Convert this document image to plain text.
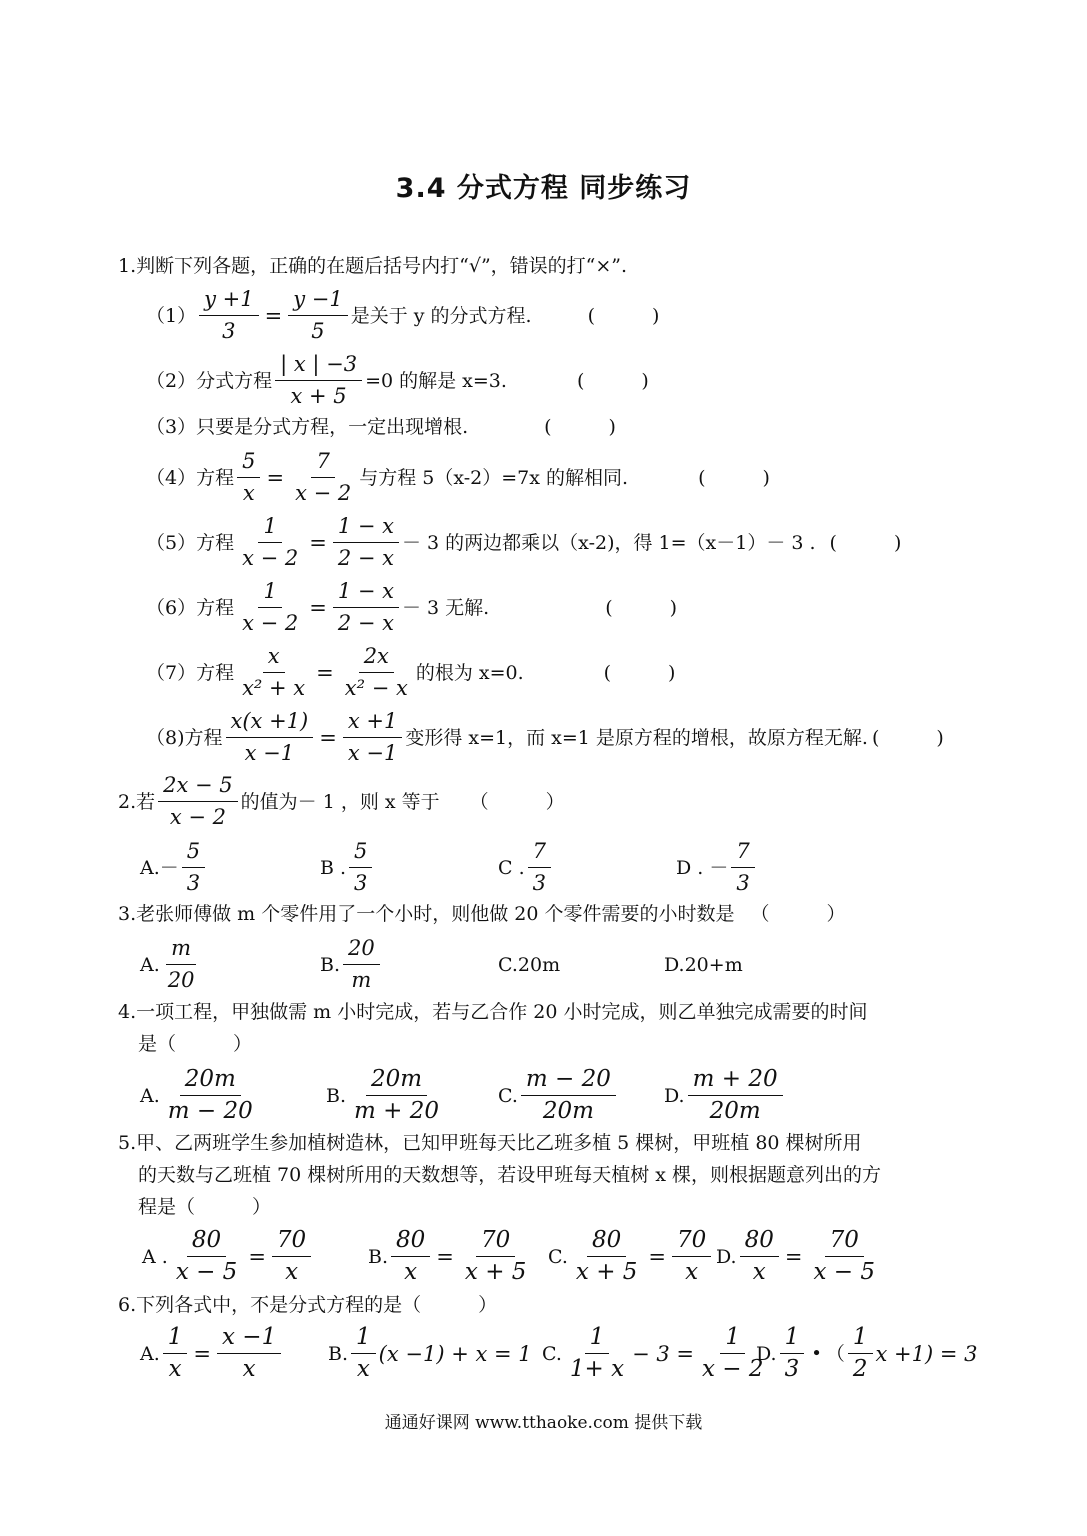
3.4 分式方程 同步练习
1.判断下列各题，正确的在题后括号内打“√”，错误的打“×”.
$(1) \frac{y +1}{3} = \frac{y -1}{5}$ 是关于 y 的分式方程.	(　　　)
（2）分式方程 $\frac{| x | -3}{x + 5} =0$ 的解是 x=3.	(　　　)
（3）只要是分式方程，一定出现增根.	(　　　)
（4）方程 $\frac{5}{x} = \frac{7}{x - 2}$ 与方程 5（x-2）=7x 的解相同.	(　　　)
（5）方程 $\frac{1}{x - 2} = \frac{1 - x}{2 - x} - 3$ 的两边都乘以（x-2)，得 1=（x－1）－ 3 . (　　　)
（6）方程 $\frac{1}{x - 2} = \frac{1 - x}{2 - x} - 3$ 无解.	(　　　)
（7）方程 $\frac{x}{\text{x² + x}} = \frac{2x}{\text{x² − x}}$ 的根为 x=0.	(　　　)
（8)方程 $\frac{x(x +1)}{x -1} = \frac{x +1}{x -1}$ 变形得 x=1，而 x=1 是原方程的增根，故原方程无解. (　　　)
2.若 $\frac{2x - 5}{x - 2}$ 的值为－ 1 ，则 x 等于 （　　　）
$A.- \frac{5}{3}$	B . $\frac{5}{3}$	C . $\frac{7}{3}$	D . － $\frac{7}{3}$
3.老张师傅做 m 个零件用了一个小时，则他做 20 个零件需要的小时数是 （　　　）
A. $\frac{m}{20}$	B. $\frac{20}{m}$	C.20m	D.20+m
4.一项工程，甲独做需 m 小时完成，若与乙合作 20 小时完成，则乙单独完成需要的时间
是（　　　）
A. $\frac{20m}{m - 20}$	B. $\frac{20m}{m + 20}$	C. $\frac{m - 20}{20m}$	D. $\frac{m + 20}{20m}$
5.甲、乙两班学生参加植树造林，已知甲班每天比乙班多植 5 棵树，甲班植 80 棵树所用
的天数与乙班植 70 棵树所用的天数想等，若设甲班每天植树 x 棵，则根据题意列出的方
程是（　　　）
A . $\frac{80}{x - 5} = \frac{70}{x}$	B. $\frac{80}{x} = \frac{70}{x + 5} C$. $\frac{80}{x + 5} = \frac{70}{x} D$. $\frac{80}{x} = \frac{70}{x - 5}$
6.下列各式中，不是分式方程的是（　　　）
A. $\frac{1}{x} = \frac{x -1}{x} B$. $\frac{1}{x} (x -1) + x = 1$ C. $\frac{1}{1+ x} - 3 = \frac{1}{x - 2}$
D. $\frac{1}{3}$ • （ $\frac{1}{2}$ x +1) = 3
通通好课网 www.tthaoke.com 提供下载
